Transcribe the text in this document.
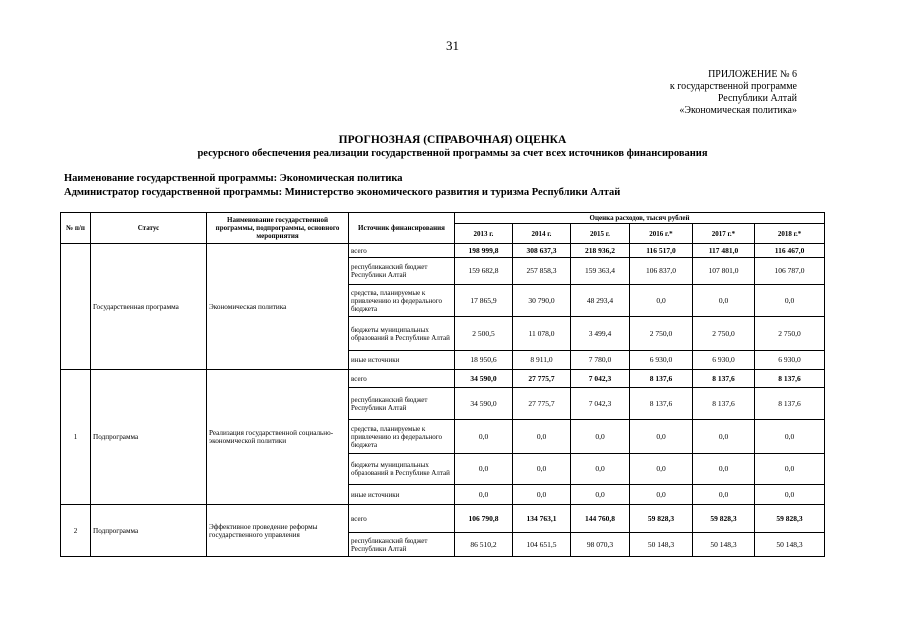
31
ПРИЛОЖЕНИЕ № 6
к государственной программе
Республики Алтай
«Экономическая политика»
ПРОГНОЗНАЯ (СПРАВОЧНАЯ) ОЦЕНКА
ресурсного обеспечения реализации государственной программы за счет всех источников финансирования
Наименование государственной программы: Экономическая политика
Администратор государственной программы: Министерство экономического развития и туризма Республики Алтай
№ п/п	Статус	Наименование государственной программы, подпрограммы, основного мероприятия	Источник финансирования	Оценка расходов, тысяч рублей					
				2013 г.	2014 г.	2015 г.	2016 г.*	2017 г.*	2018 г.*
	Государственная программа	Экономическая политика	всего	198 999,8	308 637,3	218 936,2	116 517,0	117 481,0	116 467,0
			республиканский бюджет Республики Алтай	159 682,8	257 858,3	159 363,4	106 837,0	107 801,0	106 787,0
			средства, планируемые к привлечению из федерального бюджета	17 865,9	30 790,0	48 293,4	0,0	0,0	0,0
			бюджеты муниципальных образований в Республике Алтай	2 500,5	11 078,0	3 499,4	2 750,0	2 750,0	2 750,0
			иные источники	18 950,6	8 911,0	7 780,0	6 930,0	6 930,0	6 930,0
1	Подпрограмма	Реализация государственной социально-экономической политики	всего	34 590,0	27 775,7	7 042,3	8 137,6	8 137,6	8 137,6
			республиканский бюджет Республики Алтай	34 590,0	27 775,7	7 042,3	8 137,6	8 137,6	8 137,6
			средства, планируемые к привлечению из федерального бюджета	0,0	0,0	0,0	0,0	0,0	0,0
			бюджеты муниципальных образований в Республике Алтай	0,0	0,0	0,0	0,0	0,0	0,0
			иные источники	0,0	0,0	0,0	0,0	0,0	0,0
2	Подпрограмма	Эффективное проведение реформы государственного управления	всего	106 790,8	134 763,1	144 760,8	59 828,3	59 828,3	59 828,3
			республиканский бюджет Республики Алтай	86 510,2	104 651,5	98 070,3	50 148,3	50 148,3	50 148,3
